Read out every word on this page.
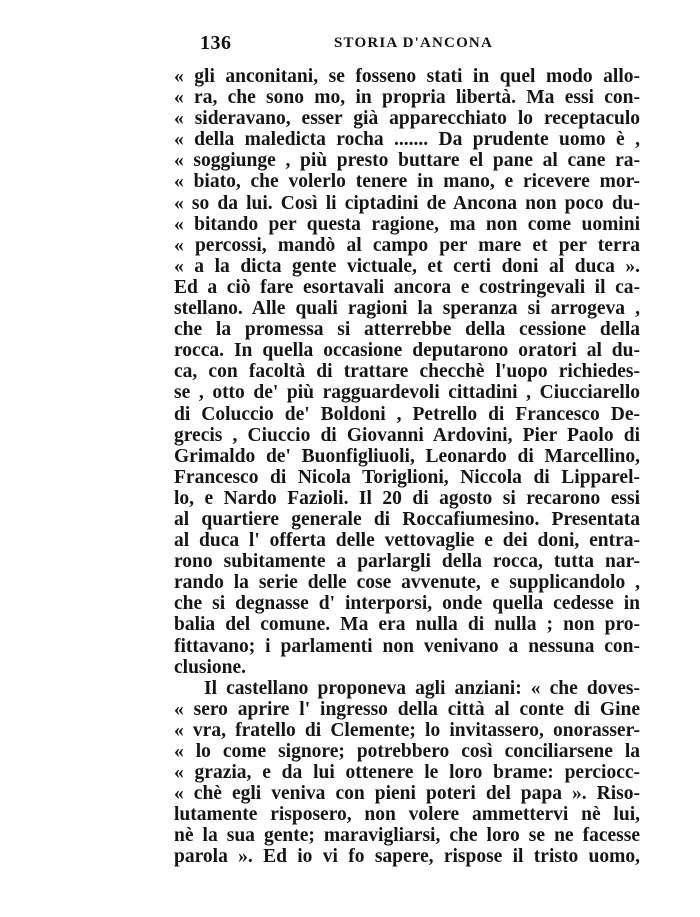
136	STORIA D'ANCONA
« gli anconitani, se fosseno stati in quel modo allo-
« ra, che sono mo, in propria libertà. Ma essi con-
« sideravano, esser già apparecchiato lo receptaculo
« della maledicta rocha ....... Da prudente uomo è ,
« soggiunge , più presto buttare el pane al cane ra-
« biato, che volerlo tenere in mano, e ricevere mor-
« so da lui. Così li ciptadini de Ancona non poco du-
« bitando per questa ragione, ma non come uomini
« percossi, mandò al campo per mare et per terra
« a la dicta gente victuale, et certi doni al duca ».
Ed a ciò fare esortavali ancora e costringevali il ca-
stellano. Alle quali ragioni la speranza si arrogeva ,
che la promessa si atterrebbe della cessione della
rocca. In quella occasione deputarono oratori al du-
ca, con facoltà di trattare checchè l'uopo richiedes-
se , otto de' più ragguardevoli cittadini , Ciucciarello
di Coluccio de' Boldoni , Petrello di Francesco De-
grecis , Ciuccio di Giovanni Ardovini, Pier Paolo di
Grimaldo de' Buonfigliuoli, Leonardo di Marcellino,
Francesco di Nicola Toriglioni, Niccola di Lipparel-
lo, e Nardo Fazioli. Il 20 di agosto si recarono essi
al quartiere generale di Roccafiumesino. Presentata
al duca l' offerta delle vettovaglie e dei doni, entra-
rono subitamente a parlargli della rocca, tutta nar-
rando la serie delle cose avvenute, e supplicandolo ,
che si degnasse d' interporsi, onde quella cedesse in
balia del comune. Ma era nulla di nulla ; non pro-
fittavano; i parlamenti non venivano a nessuna con-
clusione.
Il castellano proponeva agli anziani: « che doves-
« sero aprire l' ingresso della città al conte di Gine
« vra, fratello di Clemente; lo invitassero, onorasser-
« lo come signore; potrebbero così conciliarsene la
« grazia, e da lui ottenere le loro brame: perciocc-
« chè egli veniva con pieni poteri del papa ». Riso-
lutamente risposero, non volere ammettervi nè lui,
nè la sua gente; maravigliarsi, che loro se ne facesse
parola ». Ed io vi fo sapere, rispose il tristo uomo,
